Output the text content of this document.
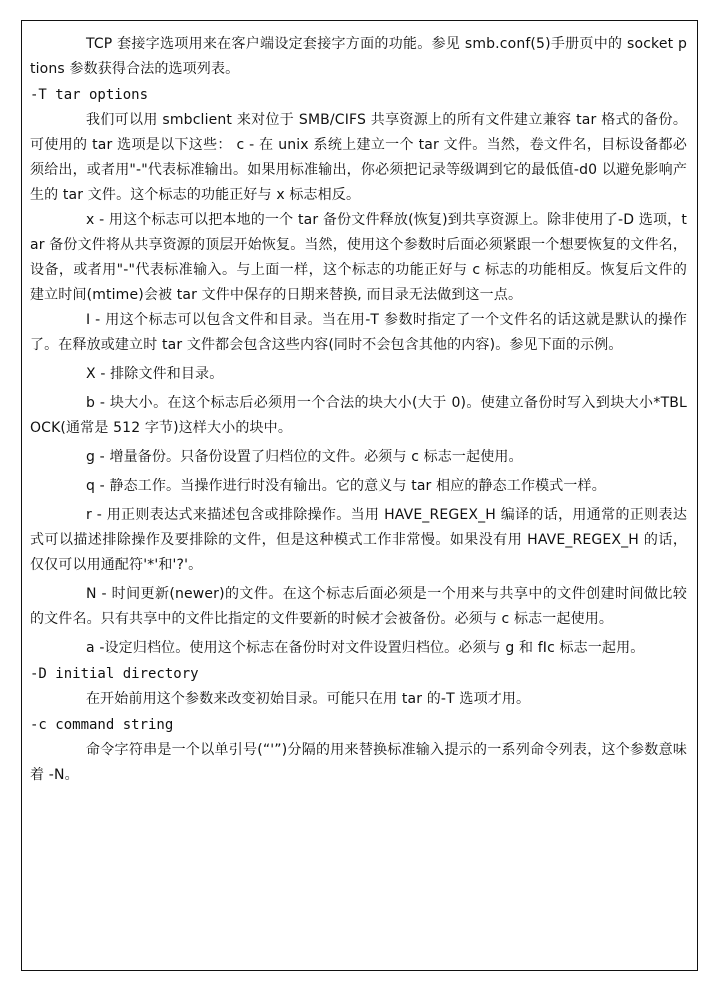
TCP 套接字选项用来在客户端设定套接字方面的功能。参见 smb.conf(5)手册页中的 socket ptions 参数获得合法的选项列表。

-T tar options

我们可以用 smbclient 来对位于 SMB/CIFS 共享资源上的所有文件建立兼容 tar 格式的备份。可使用的 tar 选项是以下这些： c - 在 unix 系统上建立一个 tar 文件。当然，卷文件名，目标设备都必须给出，或者用"-"代表标准输出。如果用标准输出，你必须把记录等级调到它的最低值-d0 以避免影响产生的 tar 文件。这个标志的功能正好与 x 标志相反。

x - 用这个标志可以把本地的一个 tar 备份文件释放(恢复)到共享资源上。除非使用了-D 选项，tar 备份文件将从共享资源的顶层开始恢复。当然，使用这个参数时后面必须紧跟一个想要恢复的文件名，设备，或者用"-"代表标准输入。与上面一样，这个标志的功能正好与 c 标志的功能相反。恢复后文件的建立时间(mtime)会被 tar 文件中保存的日期来替换, 而目录无法做到这一点。

I - 用这个标志可以包含文件和目录。当在用-T 参数时指定了一个文件名的话这就是默认的操作了。在释放或建立时 tar 文件都会包含这些内容(同时不会包含其他的内容)。参见下面的示例。

X - 排除文件和目录。

b - 块大小。在这个标志后必须用一个合法的块大小(大于 0)。使建立备份时写入到块大小*TBLOCK(通常是 512 字节)这样大小的块中。

g - 增量备份。只备份设置了归档位的文件。必须与 c 标志一起使用。

q - 静态工作。当操作进行时没有输出。它的意义与 tar 相应的静态工作模式一样。

r - 用正则表达式来描述包含或排除操作。当用 HAVE_REGEX_H 编译的话，用通常的正则表达式可以描述排除操作及要排除的文件，但是这种模式工作非常慢。如果没有用 HAVE_REGEX_H 的话，仅仅可以用通配符'*'和'?'。

N - 时间更新(newer)的文件。在这个标志后面必须是一个用来与共享中的文件创建时间做比较的文件名。只有共享中的文件比指定的文件要新的时候才会被备份。必须与 c 标志一起使用。

a -设定归档位。使用这个标志在备份时对文件设置归档位。必须与 g 和 fIc 标志一起用。

-D initial directory

在开始前用这个参数来改变初始目录。可能只在用 tar 的-T 选项才用。

-c command string

命令字符串是一个以单引号(“'”)分隔的用来替换标准输入提示的一系列命令列表，这个参数意味着 -N。
